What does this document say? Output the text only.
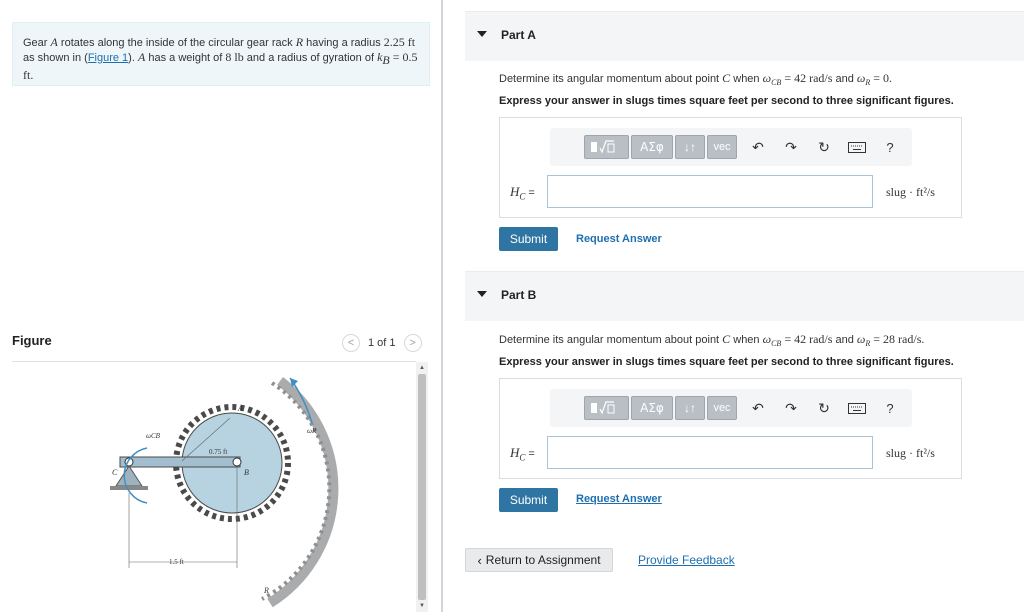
Gear A rotates along the inside of the circular gear rack R having a radius 2.25 ft as shown in (Figure 1). A has a weight of 8 lb and a radius of gyration of $k_B = 0.5$ ft.
Figure	<	1 of 1	>
ωCB
ωR
A
B
C
R
0.75 ft
1.5 ft
▲
▼
Part A
Determine its angular momentum about point C when $\omega_{CB} = 42$ rad/s and $\omega_R = 0$.
Express your answer in slugs times square feet per second to three significant figures.
ΑΣφ	↓↑	vec	↶	↷	↻	?
$H_C$ =	slug · ft²/s
Submit	Request Answer
Part B
Determine its angular momentum about point C when $\omega_{CB} = 42$ rad/s and $\omega_R = 28$ rad/s.
Express your answer in slugs times square feet per second to three significant figures.
ΑΣφ	↓↑	vec	↶	↷	↻	?
$H_C$ =	slug · ft²/s
Submit	Request Answer
‹ Return to Assignment	Provide Feedback
